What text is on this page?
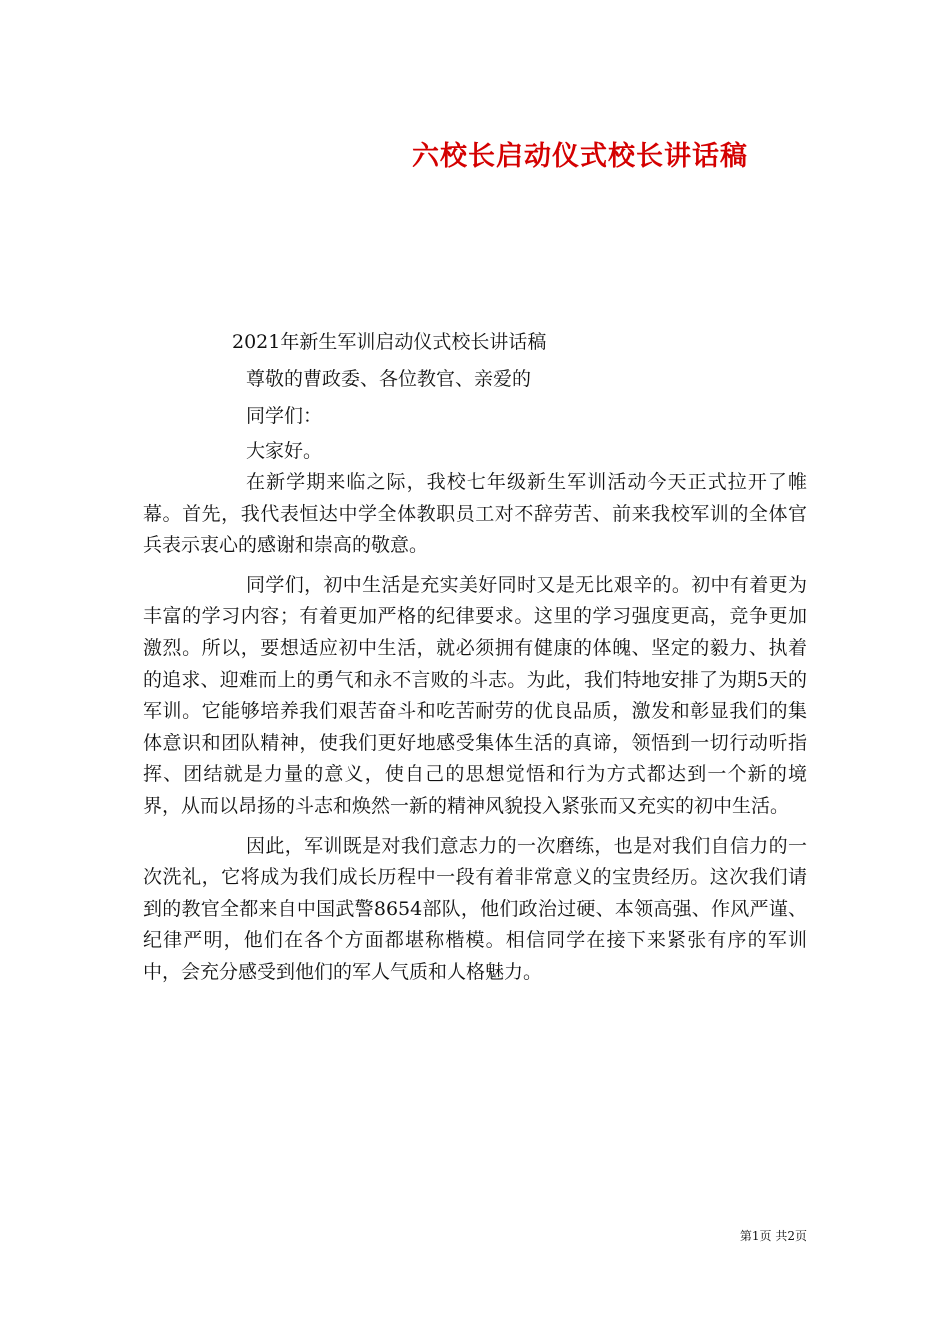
六校长启动仪式校长讲话稿
2021年新生军训启动仪式校长讲话稿
尊敬的曹政委、各位教官、亲爱的
同学们：
大家好。

在新学期来临之际，我校七年级新生军训活动今天正式拉开了帷幕。首先，我代表恒达中学全体教职员工对不辞劳苦、前来我校军训的全体官兵表示衷心的感谢和崇高的敬意。

同学们，初中生活是充实美好同时又是无比艰辛的。初中有着更为丰富的学习内容；有着更加严格的纪律要求。这里的学习强度更高，竞争更加激烈。所以，要想适应初中生活，就必须拥有健康的体魄、坚定的毅力、执着的追求、迎难而上的勇气和永不言败的斗志。为此，我们特地安排了为期5天的军训。它能够培养我们艰苦奋斗和吃苦耐劳的优良品质，激发和彰显我们的集体意识和团队精神，使我们更好地感受集体生活的真谛，领悟到一切行动听指挥、团结就是力量的意义，使自己的思想觉悟和行为方式都达到一个新的境界，从而以昂扬的斗志和焕然一新的精神风貌投入紧张而又充实的初中生活。

因此，军训既是对我们意志力的一次磨练，也是对我们自信力的一次洗礼，它将成为我们成长历程中一段有着非常意义的宝贵经历。这次我们请到的教官全都来自中国武警8654部队，他们政治过硬、本领高强、作风严谨、纪律严明，他们在各个方面都堪称楷模。相信同学在接下来紧张有序的军训中，会充分感受到他们的军人气质和人格魅力。

第1页 共2页
